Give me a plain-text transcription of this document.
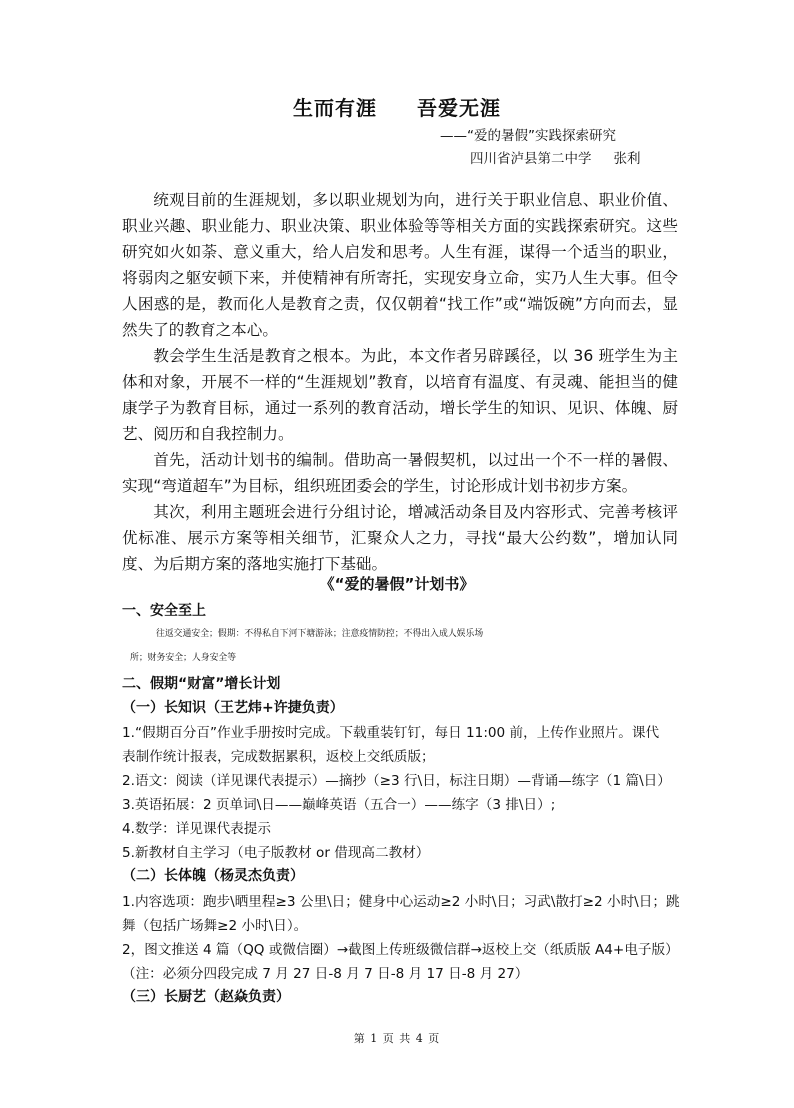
生而有涯 吾爱无涯
——“爱的暑假”实践探索研究
四川省泸县第二中学 张利

统观目前的生涯规划，多以职业规划为向，进行关于职业信息、职业价值、职业兴趣、职业能力、职业决策、职业体验等等相关方面的实践探索研究。这些研究如火如荼、意义重大，给人启发和思考。人生有涯，谋得一个适当的职业，将弱肉之躯安顿下来，并使精神有所寄托，实现安身立命，实乃人生大事。但令人困惑的是，教而化人是教育之责，仅仅朝着“找工作”或“端饭碗”方向而去，显然失了的教育之本心。

教会学生生活是教育之根本。为此，本文作者另辟蹊径，以 36 班学生为主体和对象，开展不一样的“生涯规划”教育，以培育有温度、有灵魂、能担当的健康学子为教育目标，通过一系列的教育活动，增长学生的知识、见识、体魄、厨艺、阅历和自我控制力。

首先，活动计划书的编制。借助高一暑假契机，以过出一个不一样的暑假、实现“弯道超车”为目标，组织班团委会的学生，讨论形成计划书初步方案。

其次，利用主题班会进行分组讨论，增减活动条目及内容形式、完善考核评优标准、展示方案等相关细节，汇聚众人之力，寻找“最大公约数”，增加认同度、为后期方案的落地实施打下基础。

《“爱的暑假”计划书》
一、安全至上
往返交通安全；假期：不得私自下河下塘游泳；注意疫情防控；不得出入成人娱乐场
所；财务安全；人身安全等
二、假期“财富”增长计划
（一）长知识（王艺炜+许捷负责）
1.“假期百分百”作业手册按时完成。下载重装钉钉，每日 11:00 前，上传作业照片。课代
表制作统计报表，完成数据累积，返校上交纸质版；
2.语文：阅读（详见课代表提示）—摘抄（≥3 行\日，标注日期）—背诵—练字（1 篇\日）
3.英语拓展：2 页单词\日——巅峰英语（五合一）——练字（3 排\日）;
4.数学：详见课代表提示
5.新教材自主学习（电子版教材 or 借现高二教材）
（二）长体魄（杨灵杰负责）
1.内容选项：跑步\晒里程≥3 公里\日；健身中心运动≥2 小时\日；习武\散打≥2 小时\日；跳
舞（包括广场舞≥2 小时\日）。
2，图文推送 4 篇（QQ 或微信圈）→截图上传班级微信群→返校上交（纸质版 A4+电子版）
（注：必须分四段完成 7 月 27 日-8 月 7 日-8 月 17 日-8 月 27）
（三）长厨艺（赵焱负责）
第 1 页 共 4 页
